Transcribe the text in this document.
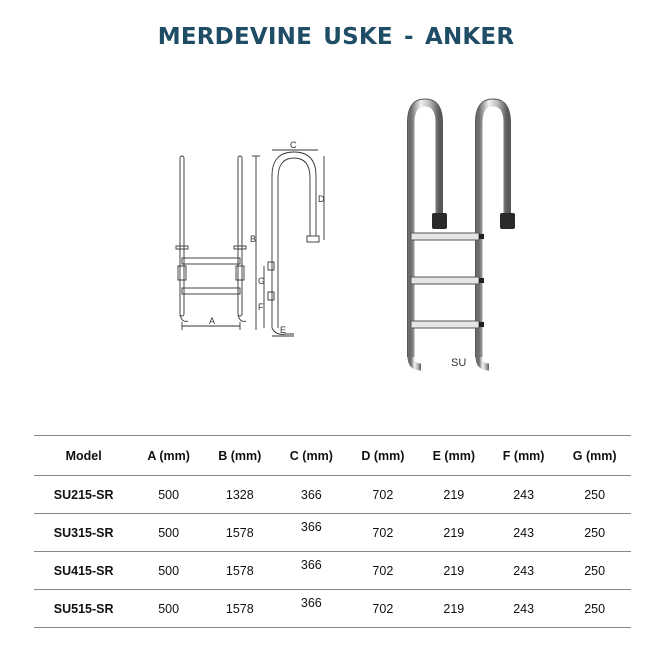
MERDEVINE USKE - ANKER
A
B
C
D
E
F
G
SU
Model	A (mm)	B (mm)	C (mm)	D (mm)	E (mm)	F (mm)	G (mm)
SU215-SR	500	1328	366	702	219	243	250
SU315-SR	500	1578	366	702	219	243	250
SU415-SR	500	1578	366	702	219	243	250
SU515-SR	500	1578	366	702	219	243	250
